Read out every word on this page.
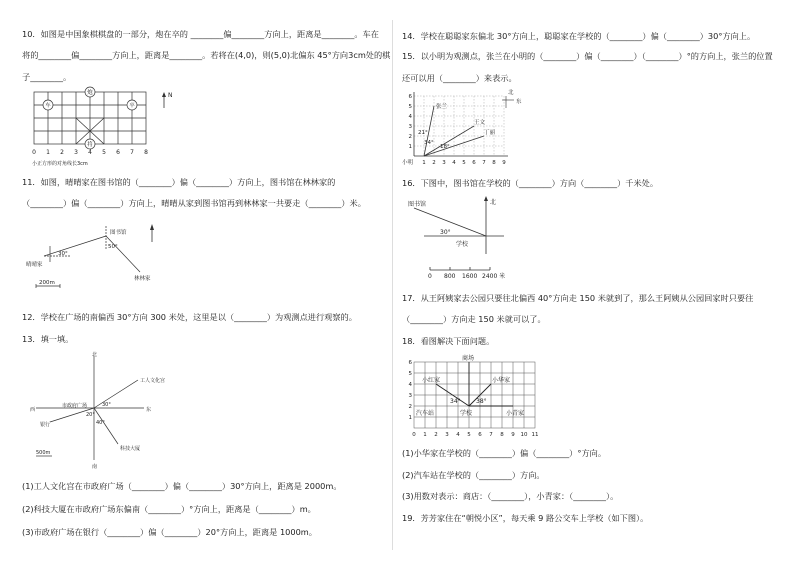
10．如图是中国象棋棋盘的一部分，炮在卒的 ________偏________方向上，距离是________。车在
将的________偏________方向上，距离是________。若将在(4,0)，则(5,0)北偏东 45°方向3cm处的棋
子________。
车
炮
卒
将
0 1 2 3 4 5 6 7 8
N
小正方形的对角线长3cm
11．如图，晴晴家在图书馆的（________）偏（________）方向上，图书馆在林林家的
（________）偏（________）方向上，晴晴从家到图书馆再到林林家一共要走（________）米。
图书馆
晴晴家
林林家
30°
50°
200m
12．学校在广场的南偏西 30°方向 300 米处，这里是以（________）为观测点进行观察的。
13．填一填。
北
南
西	东
市政府广场
工人文化宫
银行
科技大厦
20°
30°
40°
500m
(1)工人文化宫在市政府广场（________）偏（________）30°方向上，距离是 2000m。
(2)科技大厦在市政府广场东偏南（________）°方向上，距离是（________）m。
(3)市政府广场在银行（________）偏（________）20°方向上，距离是 1000m。
14．学校在聪聪家东偏北 30°方向上，聪聪家在学校的（________）偏（________）30°方向上。
15．以小明为观测点，张兰在小明的（________）偏（________）（________）°的方向上，张兰的位置
还可以用（________）来表示。
北
东
张兰
王文
丁丽
21°
34°
18°
小明
1
2
3
4
5
6
1 2 3 4 5 6 7 8 9
16．下图中，图书馆在学校的（________）方向（________）千米处。
北
图书馆
学校
30°
0 800 1600 2400 米
17．从王阿姨家去公园只要往北偏西 40°方向走 150 米就到了，那么王阿姨从公园回家时只要往
（________）方向走 150 米就可以了。
18．看图解决下面问题。
商场
小红家	小华家
汽车站	学校	小青家
34°	38°
1
2
3
4
5
6
0 1 2 3 4 5 6 7 8 9 10 11
(1)小华家在学校的（________）偏（________）°方向。
(2)汽车站在学校的（________）方向。
(3)用数对表示：商店：（________），小青家：（________）。
19．芳芳家住在“朝悦小区”，每天乘 9 路公交车上学校（如下图）。
